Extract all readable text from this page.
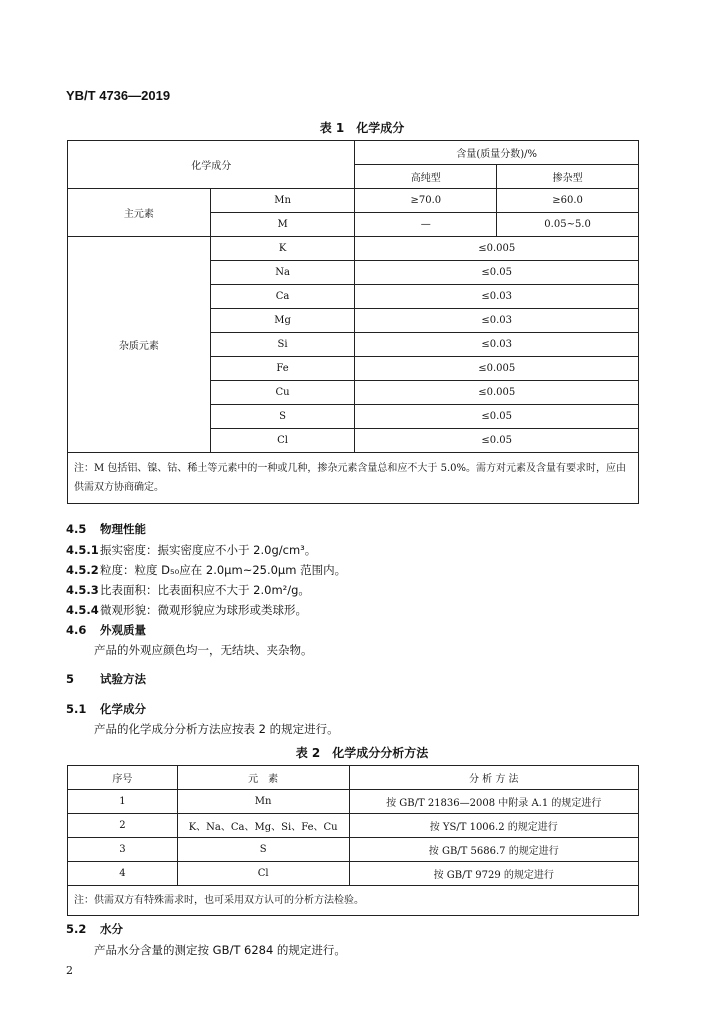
YB/T 4736—2019
表 1　化学成分
化学成分		含量(质量分数)/%	
		高纯型	掺杂型
主元素	Mn	≥70.0	≥60.0
	M	—	0.05~5.0
杂质元素	K	≤0.005	
	Na	≤0.05	
	Ca	≤0.03	
	Mg	≤0.03	
	Si	≤0.03	
	Fe	≤0.005	
	Cu	≤0.005	
	S	≤0.05	
	Cl	≤0.05	
注：M 包括铝、镍、钴、稀土等元素中的一种或几种，掺杂元素含量总和应不大于 5.0%。需方对元素及含量有要求时，应由供需双方协商确定。			
4.5 物理性能
4.5.1振实密度：振实密度应不小于 2.0g/cm³。
4.5.2粒度：粒度 D₅₀应在 2.0μm~25.0μm 范围内。
4.5.3比表面积：比表面积应不大于 2.0m²/g。
4.5.4微观形貌：微观形貌应为球形或类球形。
4.6 外观质量
产品的外观应颜色均一，无结块、夹杂物。
5 试验方法
5.1 化学成分
产品的化学成分分析方法应按表 2 的规定进行。
表 2　化学成分分析方法
序号	元　素	分 析 方 法
1	Mn	按 GB/T 21836—2008 中附录 A.1 的规定进行
2	K、Na、Ca、Mg、Si、Fe、Cu	按 YS/T 1006.2 的规定进行
3	S	按 GB/T 5686.7 的规定进行
4	Cl	按 GB/T 9729 的规定进行
注：供需双方有特殊需求时，也可采用双方认可的分析方法检验。		
5.2 水分
产品水分含量的测定按 GB/T 6284 的规定进行。
2
